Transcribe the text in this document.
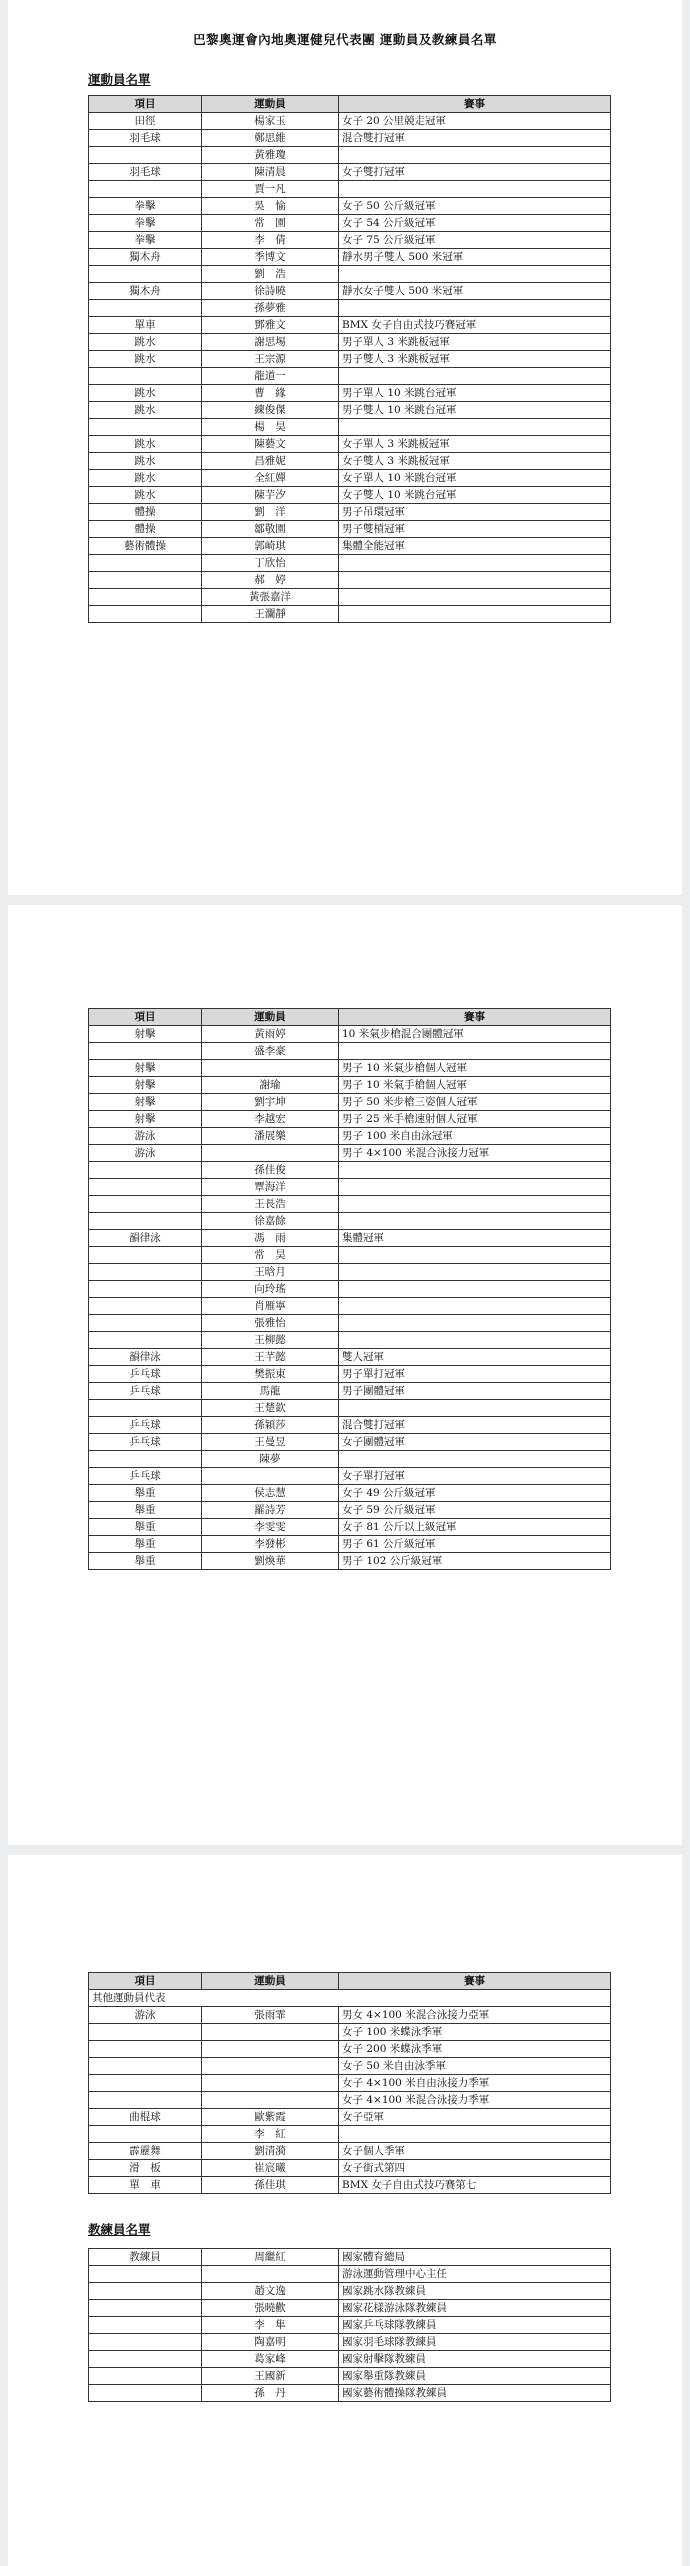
巴黎奧運會內地奧運健兒代表團 運動員及教練員名單
運動員名單
項目	運動員	賽事
田徑	楊家玉	女子 20 公里競走冠軍
羽毛球	鄭思維	混合雙打冠軍
	黃雅瓊	
羽毛球	陳清晨	女子雙打冠軍
	賈一凡	
拳擊	吳　愉	女子 50 公斤級冠軍
拳擊	常　園	女子 54 公斤級冠軍
拳擊	李　倩	女子 75 公斤級冠軍
獨木舟	季博文	靜水男子雙人 500 米冠軍
	劉　浩	
獨木舟	徐詩曉	靜水女子雙人 500 米冠軍
	孫夢雅	
單車	鄧雅文	BMX 女子自由式技巧賽冠軍
跳水	謝思埸	男子單人 3 米跳板冠軍
跳水	王宗源	男子雙人 3 米跳板冠軍
	龍道一	
跳水	曹　緣	男子單人 10 米跳台冠軍
跳水	練俊傑	男子雙人 10 米跳台冠軍
	楊　昊	
跳水	陳藝文	女子單人 3 米跳板冠軍
跳水	昌雅妮	女子雙人 3 米跳板冠軍
跳水	全紅嬋	女子單人 10 米跳台冠軍
跳水	陳芋汐	女子雙人 10 米跳台冠軍
體操	劉　洋	男子吊環冠軍
體操	鄒敬園	男子雙槓冠軍
藝術體操	郭崎琪	集體全能冠軍
	丁欣怡	
	郝　婷	
	黃張嘉洋	
	王瀾靜	
項目	運動員	賽事
射擊	黃雨婷	10 米氣步槍混合團體冠軍
	盛李豪	
射擊		男子 10 米氣步槍個人冠軍
射擊	謝瑜	男子 10 米氣手槍個人冠軍
射擊	劉宇坤	男子 50 米步槍三姿個人冠軍
射擊	李越宏	男子 25 米手槍速射個人冠軍
游泳	潘展樂	男子 100 米自由泳冠軍
游泳		男子 4×100 米混合泳接力冠軍
	孫佳俊	
	覃海洋	
	王長浩	
	徐嘉餘	
韻律泳	馮　雨	集體冠軍
	常　昊	
	王晗月	
	向玲瑤	
	肖雁寧	
	張雅怡	
	王柳懿	
韻律泳	王芊懿	雙人冠軍
乒乓球	樊振東	男子單打冠軍
乒乓球	馬龍	男子團體冠軍
	王楚欽	
乒乓球	孫穎莎	混合雙打冠軍
乒乓球	王曼昱	女子團體冠軍
	陳夢	
乒乓球		女子單打冠軍
舉重	侯志慧	女子 49 公斤級冠軍
舉重	羅詩芳	女子 59 公斤級冠軍
舉重	李雯雯	女子 81 公斤以上級冠軍
舉重	李發彬	男子 61 公斤級冠軍
舉重	劉煥華	男子 102 公斤級冠軍
項目	運動員	賽事
其他運動員代表		
游泳	張雨霏	男女 4×100 米混合泳接力亞軍
		女子 100 米蝶泳季軍
		女子 200 米蝶泳季軍
		女子 50 米自由泳季軍
		女子 4×100 米自由泳接力季軍
		女子 4×100 米混合泳接力季軍
曲棍球	歐紫霞	女子亞軍
	李　紅	
霹靂舞	劉清漪	女子個人季軍
滑　板	崔宸曦	女子街式第四
單　車	孫佳琪	BMX 女子自由式技巧賽第七
教練員名單
教練員	周繼紅	國家體育總局
		游泳運動管理中心主任
	趙文逸	國家跳水隊教練員
	張曉歡	國家花樣游泳隊教練員
	李　隼	國家乒乓球隊教練員
	陶嘉明	國家羽毛球隊教練員
	葛家峰	國家射擊隊教練員
	王國新	國家舉重隊教練員
	孫　丹	國家藝術體操隊教練員
